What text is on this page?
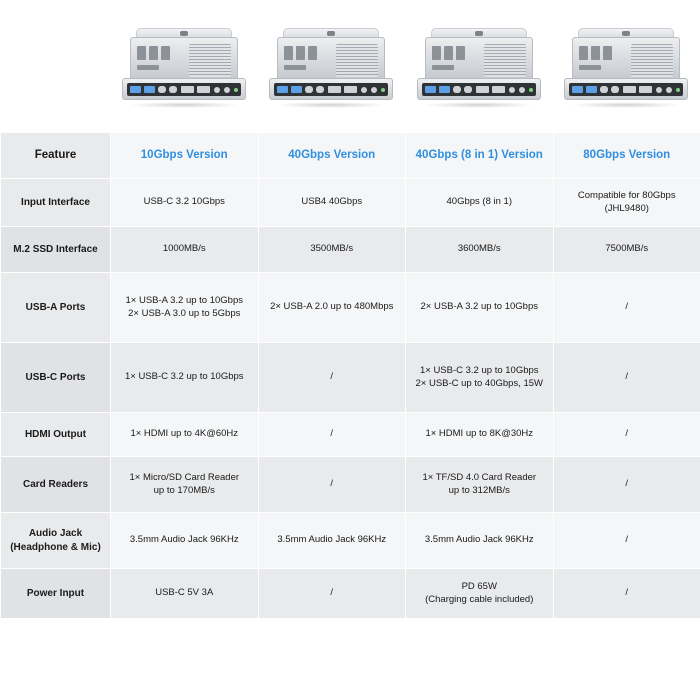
Feature	10Gbps Version	40Gbps Version	40Gbps (8 in 1) Version	80Gbps Version
Input Interface	USB-C 3.2 10Gbps	USB4 40Gbps	40Gbps (8 in 1)	Compatible for 80Gbps
(JHL9480)
M.2 SSD Interface	1000MB/s	3500MB/s	3600MB/s	7500MB/s
USB-A Ports	1× USB-A 3.2 up to 10Gbps
2× USB-A 3.0 up to 5Gbps	2× USB-A 2.0 up to 480Mbps	2× USB-A 3.2 up to 10Gbps	/
USB-C Ports	1× USB-C 3.2 up to 10Gbps	/	1× USB-C 3.2 up to 10Gbps
2× USB-C up to 40Gbps, 15W	/
HDMI Output	1× HDMI up to 4K@60Hz	/	1× HDMI up to 8K@30Hz	/
Card Readers	1× Micro/SD Card Reader
up to 170MB/s	/	1× TF/SD 4.0 Card Reader
up to 312MB/s	/
Audio Jack
(Headphone & Mic)	3.5mm Audio Jack 96KHz	3.5mm Audio Jack 96KHz	3.5mm Audio Jack 96KHz	/
Power Input	USB-C 5V 3A	/	PD 65W
(Charging cable included)	/
